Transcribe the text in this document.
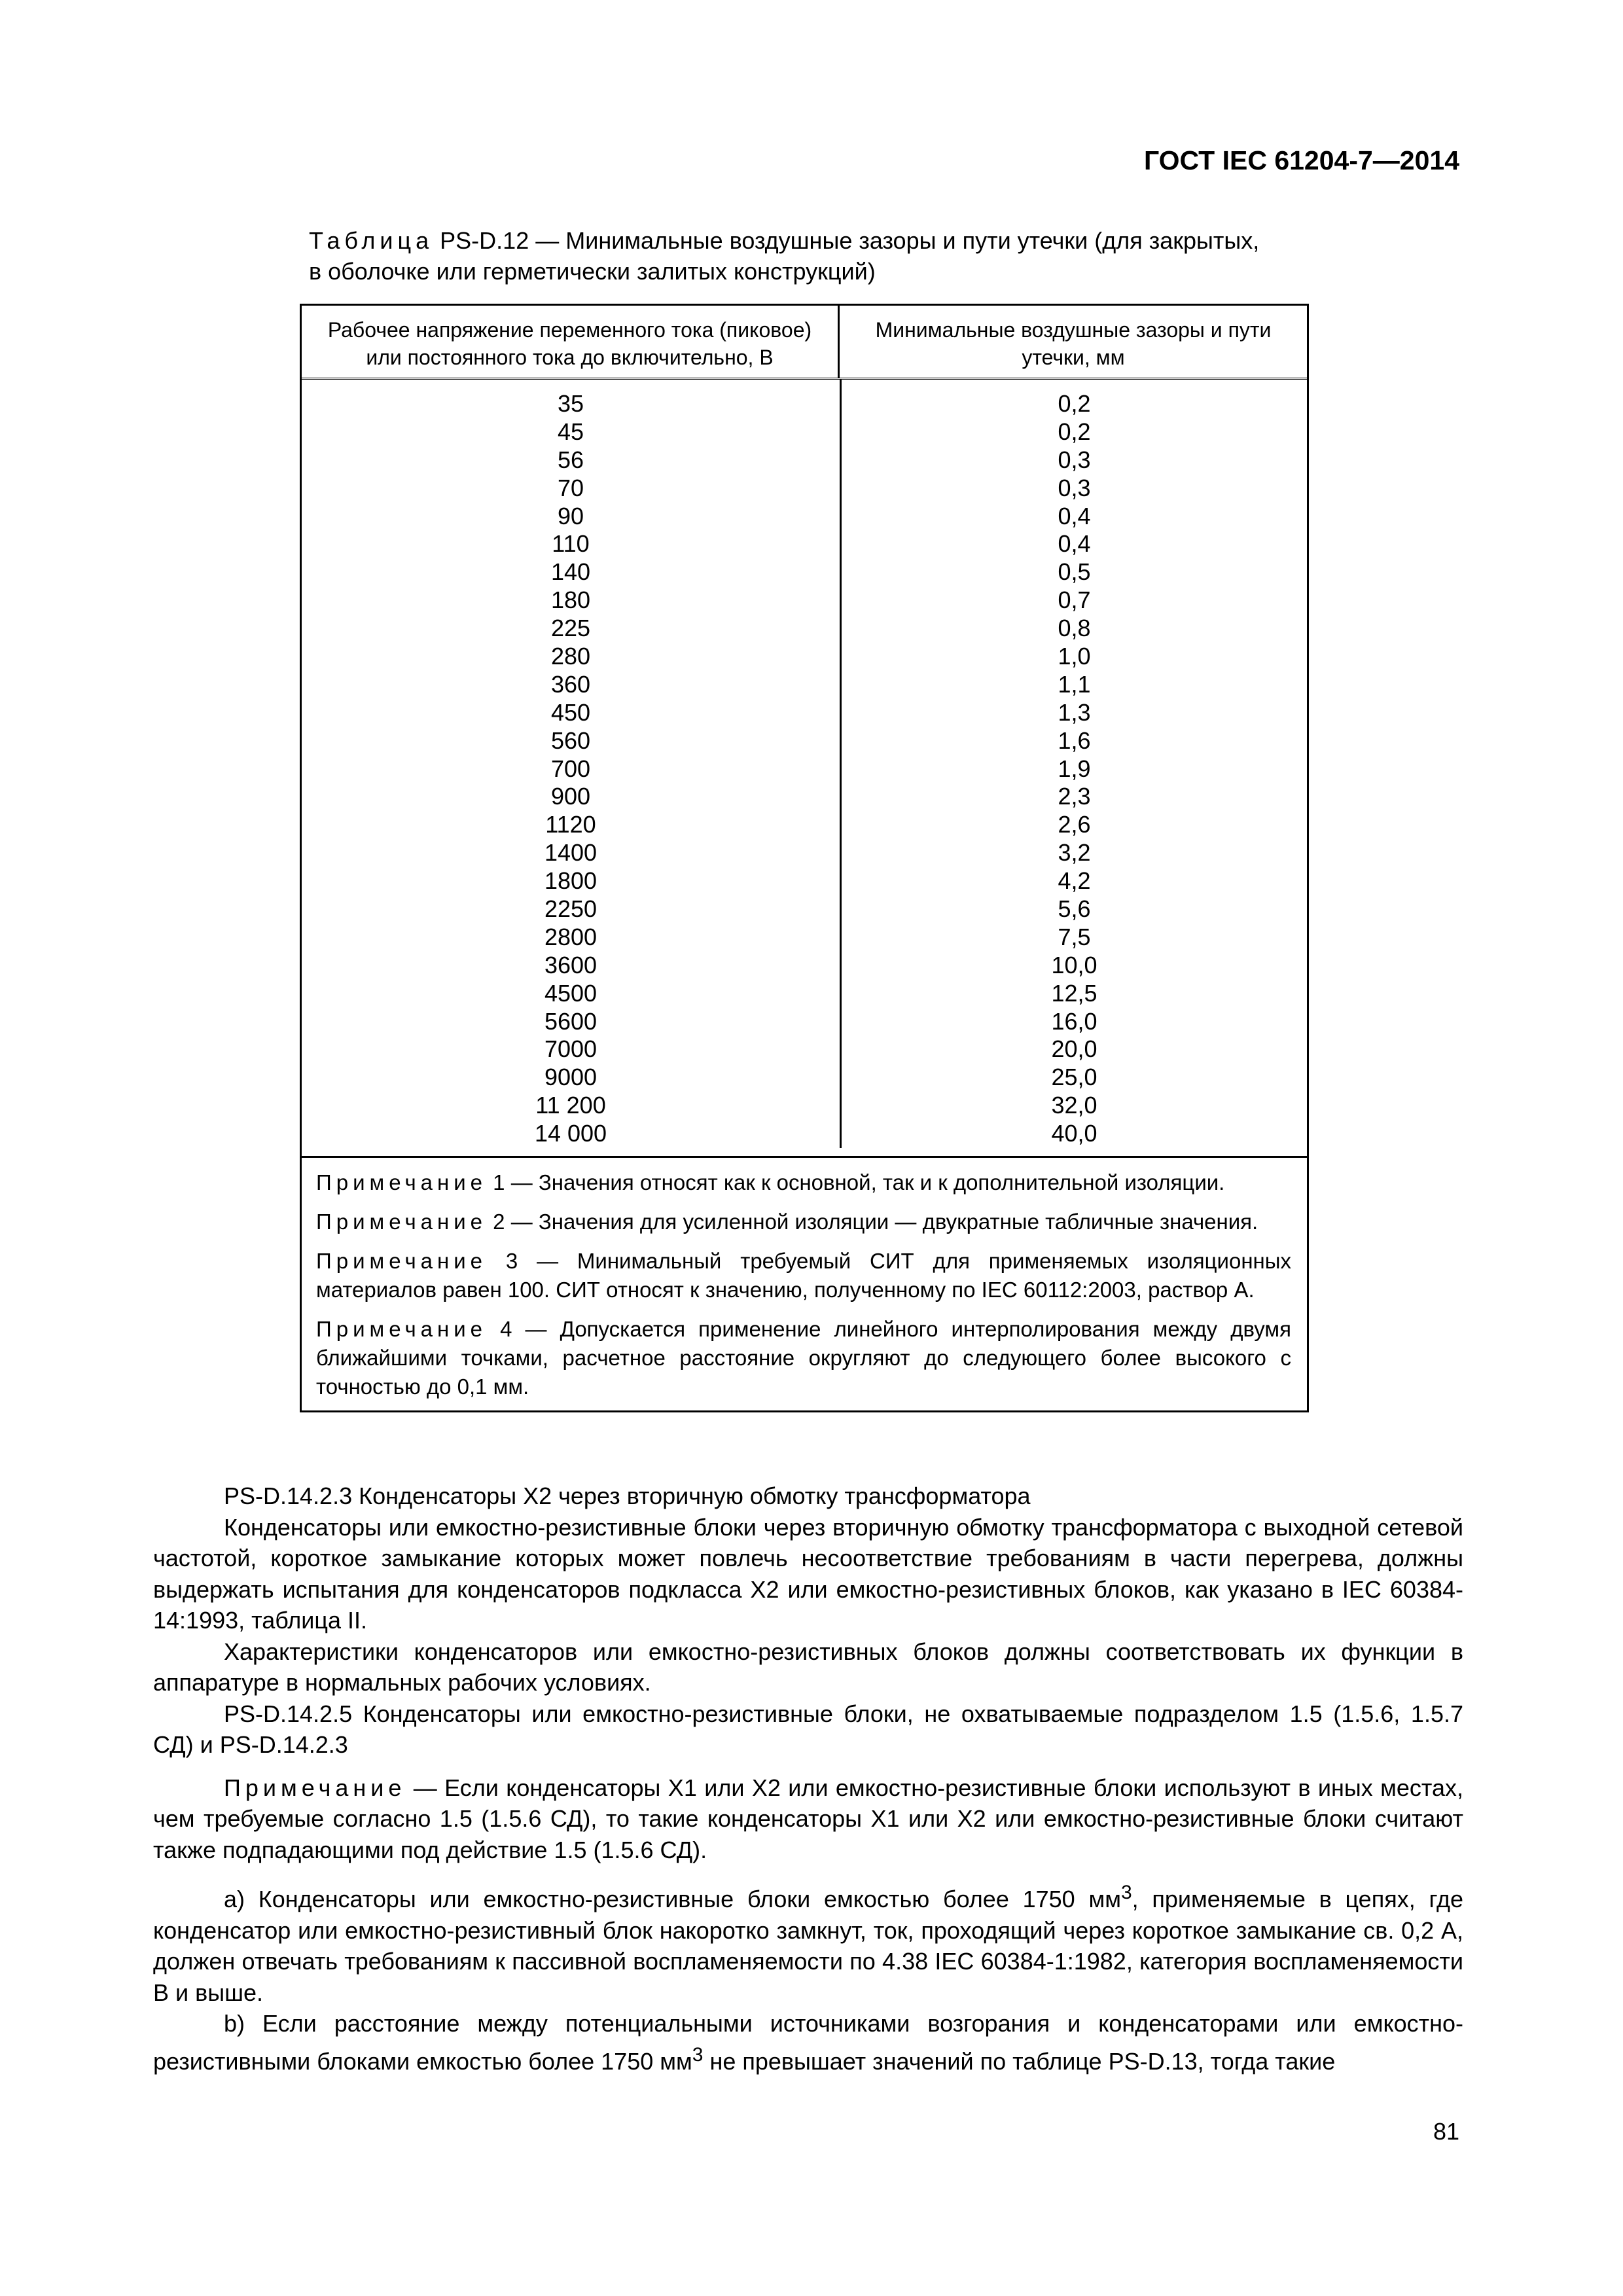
ГОСТ IEC 61204-7—2014
Таблица PS-D.12 — Минимальные воздушные зазоры и пути утечки (для закрытых,
в оболочке или герметически залитых конструкций)
Рабочее напряжение переменного тока (пиковое)
или постоянного тока до включительно, В
Минимальные воздушные зазоры и пути
утечки, мм
35
45
56
70
90
110
140
180
225
280
360
450
560
700
900
1120
1400
1800
2250
2800
3600
4500
5600
7000
9000
11 200
14 000
0,2
0,2
0,3
0,3
0,4
0,4
0,5
0,7
0,8
1,0
1,1
1,3
1,6
1,9
2,3
2,6
3,2
4,2
5,6
7,5
10,0
12,5
16,0
20,0
25,0
32,0
40,0
Примечание 1 — Значения относят как к основной, так и к дополнительной изоляции.
Примечание 2 — Значения для усиленной изоляции — двукратные табличные значения.
Примечание 3 — Минимальный требуемый СИТ для применяемых изоляционных материалов равен 100. СИТ относят к значению, полученному по IEC 60112:2003, раствор А.
Примечание 4 — Допускается применение линейного интерполирования между двумя ближайшими точками, расчетное расстояние округляют до следующего более высокого с точностью до 0,1 мм.

PS-D.14.2.3 Конденсаторы Х2 через вторичную обмотку трансформатора

Конденсаторы или емкостно-резистивные блоки через вторичную обмотку трансформатора с выходной сетевой частотой, короткое замыкание которых может повлечь несоответствие требованиям в части перегрева, должны выдержать испытания для конденсаторов подкласса Х2 или емкостно-резистивных блоков, как указано в IEC 60384-14:1993, таблица II.

Характеристики конденсаторов или емкостно-резистивных блоков должны соответствовать их функции в аппаратуре в нормальных рабочих условиях.

PS-D.14.2.5 Конденсаторы или емкостно-резистивные блоки, не охватываемые подразделом 1.5 (1.5.6, 1.5.7 СД) и PS-D.14.2.3

Примечание — Если конденсаторы Х1 или Х2 или емкостно-резистивные блоки используют в иных местах, чем требуемые согласно 1.5 (1.5.6 СД), то такие конденсаторы Х1 или Х2 или емкостно-резистивные блоки считают также подпадающими под действие 1.5 (1.5.6 СД).

a) Конденсаторы или емкостно-резистивные блоки емкостью более 1750 $мм^3$, применяемые в цепях, где конденсатор или емкостно-резистивный блок накоротко замкнут, ток, проходящий через короткое замыкание св. 0,2 А, должен отвечать требованиям к пассивной воспламеняемости по 4.38 IEC 60384-1:1982, категория воспламеняемости В и выше.

b) Если расстояние между потенциальными источниками возгорания и конденсаторами или емкостно-резистивными блоками емкостью более 1750 $мм^3$ не превышает значений по таблице PS-D.13, тогда такие

81
